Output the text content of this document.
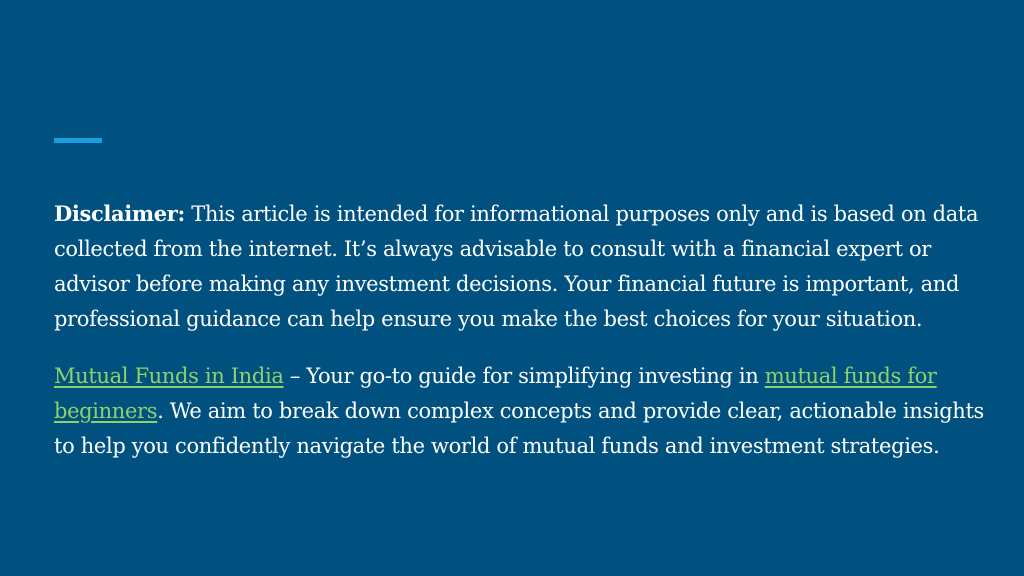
Disclaimer: This article is intended for informational purposes only and is based on data collected from the internet. It’s always advisable to consult with a financial expert or advisor before making any investment decisions. Your financial future is important, and professional guidance can help ensure you make the best choices for your situation.

Mutual Funds in India – Your go-to guide for simplifying investing in mutual funds for beginners. We aim to break down complex concepts and provide clear, actionable insights to help you confidently navigate the world of mutual funds and investment strategies.
